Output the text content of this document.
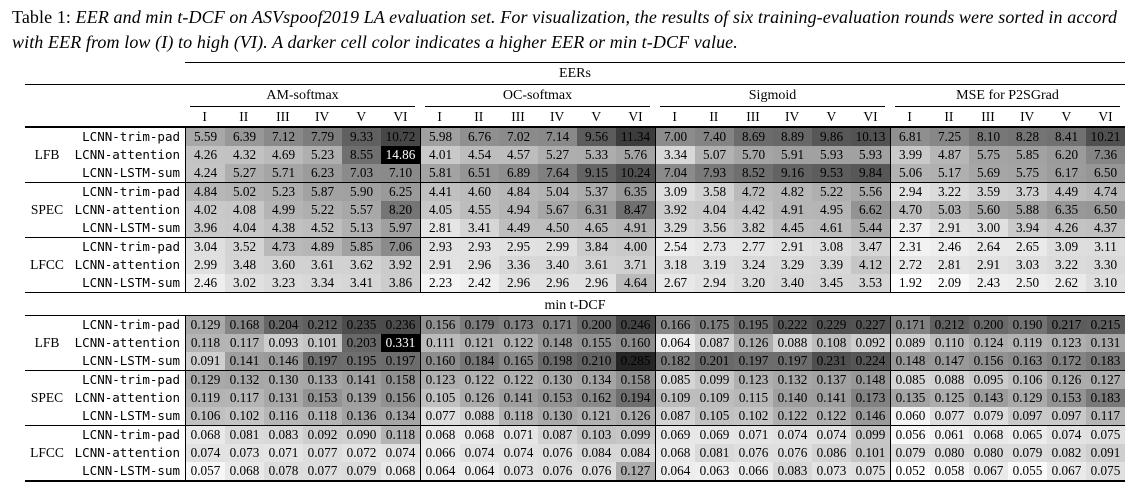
Table 1: EER and min t-DCF on ASVspoof2019 LA evaluation set. For visualization, the results of six training-evaluation rounds were sorted in accord with EER from low (I) to high (VI). A darker cell color indicates a higher EER or min t-DCF value.

EERs
AM-softmax	OC-softmax	Sigmoid	MSE for P2SGrad
I	II	III	IV	V	VI	I	II	III	IV	V	VI	I	II	III	IV	V	VI	I	II	III	IV	V	VI
LCNN-trim-pad	5.59	6.39	7.12	7.79	9.33 10.72	5.98	6.76	7.02	7.14	9.56 11.34	7.00	7.40	8.69	8.89	9.86 10.13	6.81	7.25	8.10	8.28	8.41 10.21
LFB	LCNN-attention	4.26	4.32	4.69	5.23	8.55 14.86	4.01	4.54	4.57	5.27	5.33	5.76	3.34	5.07	5.70	5.91	5.93	5.93	3.99	4.87	5.75	5.85	6.20	7.36
LCNN-LSTM-sum	4.24	5.27	5.71	6.23	7.03	7.10	5.81	6.51	6.89	7.64	9.15 10.24	7.04	7.93	8.52	9.16	9.53	9.84	5.06	5.17	5.69	5.75	6.17	6.50
LCNN-trim-pad	4.84	5.02	5.23	5.87	5.90	6.25	4.41	4.60	4.84	5.04	5.37	6.35	3.09	3.58	4.72	4.82	5.22	5.56	2.94	3.22	3.59	3.73	4.49	4.74
SPEC LCNN-attention	4.02	4.08	4.99	5.22	5.57	8.20	4.05	4.55	4.94	5.67	6.31	8.47	3.92	4.04	4.42	4.91	4.95	6.62	4.70	5.03	5.60	5.88	6.35	6.50
LCNN-LSTM-sum	3.96	4.04	4.38	4.52	5.13	5.97	2.81	3.41	4.49	4.50	4.65	4.91	3.29	3.56	3.82	4.45	4.61	5.44	2.37	2.91	3.00	3.94	4.26	4.37
LCNN-trim-pad	3.04	3.52	4.73	4.89	5.85	7.06	2.93	2.93	2.95	2.99	3.84	4.00	2.54	2.73	2.77	2.91	3.08	3.47	2.31	2.46	2.64	2.65	3.09	3.11
LFCC LCNN-attention	2.99	3.48	3.60	3.61	3.62	3.92	2.91	2.96	3.36	3.40	3.61	3.71	3.18	3.19	3.24	3.29	3.39	4.12	2.72	2.81	2.91	3.03	3.22	3.30
LCNN-LSTM-sum	2.46	3.02	3.23	3.34	3.41	3.86	2.23	2.42	2.96	2.96	2.96	4.64	2.67	2.94	3.20	3.40	3.45	3.53	1.92	2.09	2.43	2.50	2.62	3.10
min t-DCF
LCNN-trim-pad 0.129 0.168 0.204 0.212 0.235 0.236 0.156 0.179 0.173 0.171 0.200 0.246 0.166 0.175 0.195 0.222 0.229 0.227 0.171 0.212 0.200 0.190 0.217 0.215
LFB	LCNN-attention 0.118 0.117 0.093 0.101 0.203 0.331 0.111 0.121 0.122 0.148 0.155 0.160 0.064 0.087 0.126 0.088 0.108 0.092 0.089 0.110 0.124 0.119 0.123 0.131
LCNN-LSTM-sum 0.091 0.141 0.146 0.197 0.195 0.197 0.160 0.184 0.165 0.198 0.210 0.285 0.182 0.201 0.197 0.197 0.231 0.224 0.148 0.147 0.156 0.163 0.172 0.183
LCNN-trim-pad 0.129 0.132 0.130 0.133 0.141 0.158 0.123 0.122 0.122 0.130 0.134 0.158 0.085 0.099 0.123 0.132 0.137 0.148 0.085 0.088 0.095 0.106 0.126 0.127
SPEC LCNN-attention 0.119 0.117 0.131 0.153 0.139 0.156 0.105 0.126 0.141 0.153 0.162 0.194 0.109 0.109 0.115 0.140 0.141 0.173 0.135 0.125 0.143 0.129 0.153 0.183
LCNN-LSTM-sum 0.106 0.102 0.116 0.118 0.136 0.134 0.077 0.088 0.118 0.130 0.121 0.126 0.087 0.105 0.102 0.122 0.122 0.146 0.060 0.077 0.079 0.097 0.097 0.117
LCNN-trim-pad 0.068 0.081 0.083 0.092 0.090 0.118 0.068 0.068 0.071 0.087 0.103 0.099 0.069 0.069 0.071 0.074 0.074 0.099 0.056 0.061 0.068 0.065 0.074 0.075
LFCC LCNN-attention 0.074 0.073 0.071 0.077 0.072 0.074 0.066 0.074 0.074 0.076 0.084 0.084 0.068 0.081 0.076 0.076 0.086 0.101 0.079 0.080 0.080 0.079 0.082 0.091
LCNN-LSTM-sum 0.057 0.068 0.078 0.077 0.079 0.068 0.064 0.064 0.073 0.076 0.076 0.127 0.064 0.063 0.066 0.083 0.073 0.075 0.052 0.058 0.067 0.055 0.067 0.075
